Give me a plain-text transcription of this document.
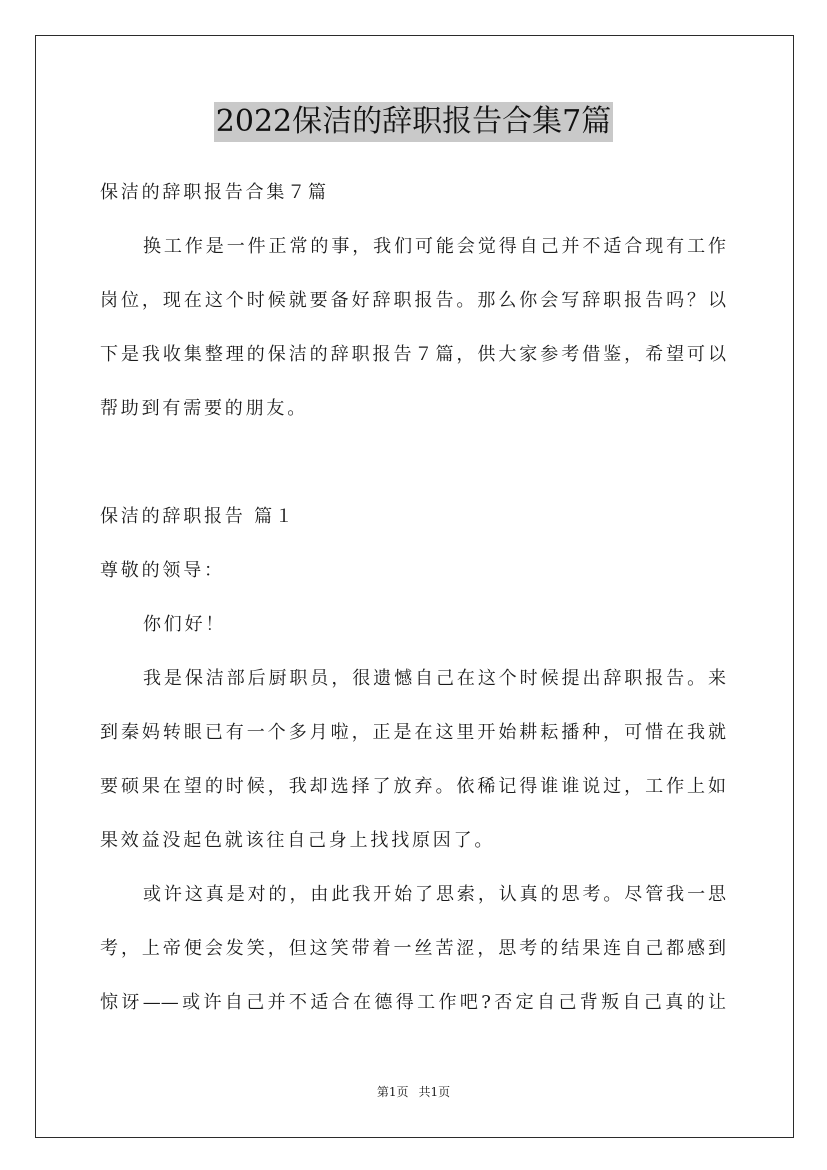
2022保洁的辞职报告合集7篇
保洁的辞职报告合集７篇
换工作是一件正常的事，我们可能会觉得自己并不适合现有工作
岗位，现在这个时候就要备好辞职报告。那么你会写辞职报告吗？以
下是我收集整理的保洁的辞职报告７篇，供大家参考借鉴，希望可以
帮助到有需要的朋友。
保洁的辞职报告 篇１
尊敬的领导：
你们好！
我是保洁部后厨职员，很遗憾自己在这个时候提出辞职报告。来
到秦妈转眼已有一个多月啦，正是在这里开始耕耘播种，可惜在我就
要硕果在望的时候，我却选择了放弃。依稀记得谁谁说过，工作上如
果效益没起色就该往自己身上找找原因了。
或许这真是对的，由此我开始了思索，认真的思考。尽管我一思
考，上帝便会发笑，但这笑带着一丝苦涩，思考的结果连自己都感到
惊讶——或许自己并不适合在德得工作吧?否定自己背叛自己真的让
第1页 共1页
